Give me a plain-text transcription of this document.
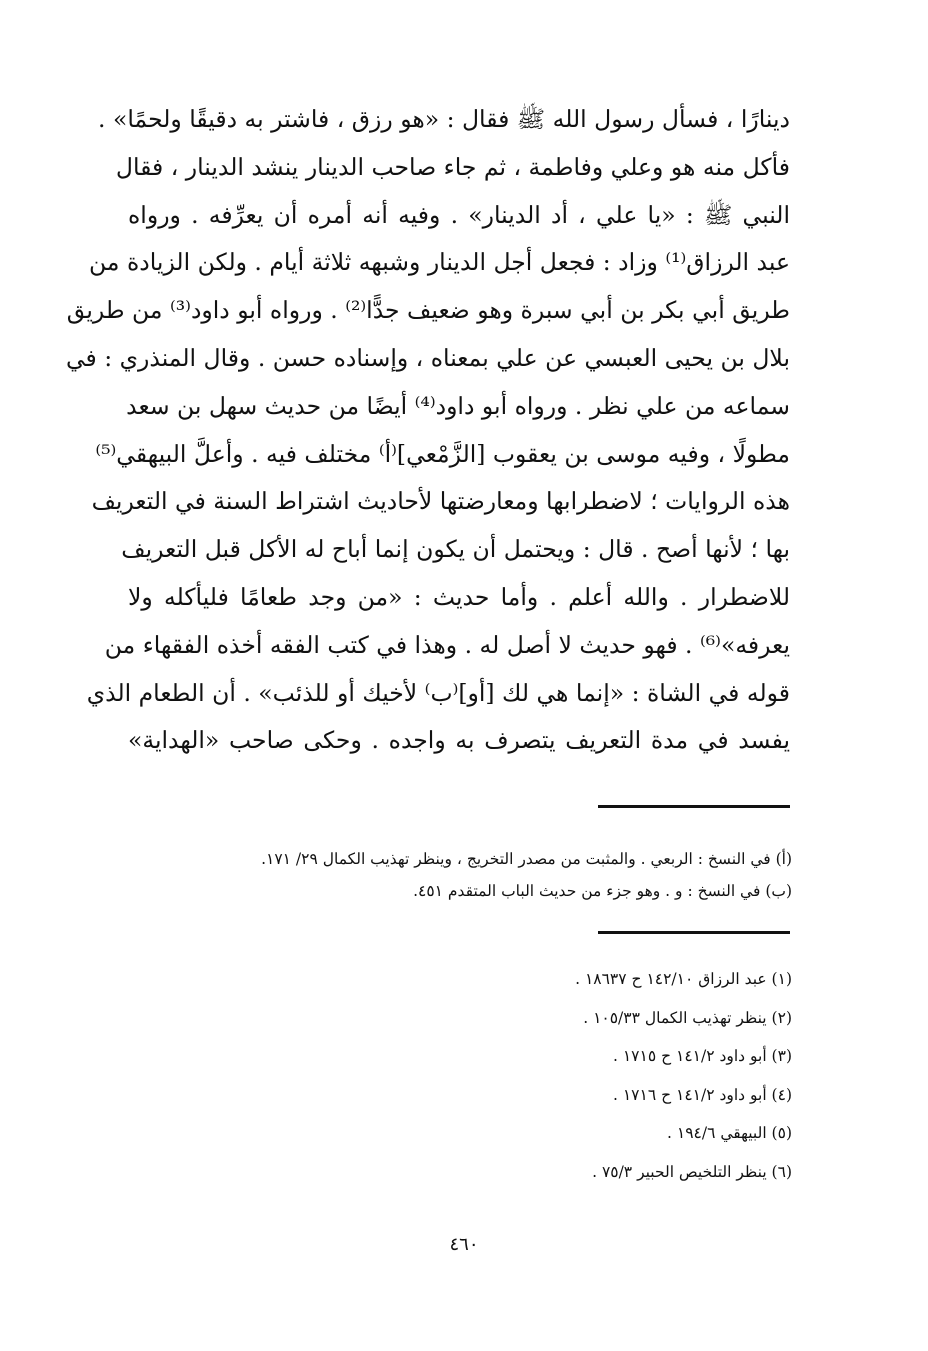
دينارًا ، فسأل رسول الله ﷺ فقال : «هو رزق ، فاشتر به دقيقًا ولحمًا» .
فأكل منه هو وعلي وفاطمة ، ثم جاء صاحب الدينار ينشد الدينار ، فقال
النبي ﷺ : «يا علي ، أد الدينار» . وفيه أنه أمره أن يعرِّفه . ورواه
عبد الرزاق⁽¹⁾ وزاد : فجعل أجل الدينار وشبهه ثلاثة أيام . ولكن الزيادة من
طريق أبي بكر بن أبي سبرة وهو ضعيف جدًّا⁽²⁾ . ورواه أبو داود⁽³⁾ من طريق
بلال بن يحيى العبسي عن علي بمعناه ، وإسناده حسن . وقال المنذري : في
سماعه من علي نظر . ورواه أبو داود⁽⁴⁾ أيضًا من حديث سهل بن سعد
مطولًا ، وفيه موسى بن يعقوب [الزَّمْعي]⁽أ⁾ مختلف فيه . وأعلَّ البيهقي⁽⁵⁾
هذه الروايات ؛ لاضطرابها ومعارضتها لأحاديث اشتراط السنة في التعريف
بها ؛ لأنها أصح . قال : ويحتمل أن يكون إنما أباح له الأكل قبل التعريف
للاضطرار . والله أعلم . وأما حديث : «من وجد طعامًا فليأكله ولا
يعرفه»⁽⁶⁾ . فهو حديث لا أصل له . وهذا في كتب الفقه أخذه الفقهاء من
قوله في الشاة : «إنما هي لك [أو]⁽ب⁾ لأخيك أو للذئب» . أن الطعام الذي
يفسد في مدة التعريف يتصرف به واجده . وحكى صاحب «الهداية»
(أ) في النسخ : الربعي . والمثبت من مصدر التخريج ، وينظر تهذيب الكمال ٢٩/ ١٧١.
(ب) في النسخ : و . وهو جزء من حديث الباب المتقدم ٤٥١.
(١) عبد الرزاق ١٤٢/١٠ ح ١٨٦٣٧ .
(٢) ينظر تهذيب الكمال ١٠٥/٣٣ .
(٣) أبو داود ١٤١/٢ ح ١٧١٥ .
(٤) أبو داود ١٤١/٢ ح ١٧١٦ .
(٥) البيهقي ١٩٤/٦ .
(٦) ينظر التلخيص الحبير ٧٥/٣ .
٤٦٠
